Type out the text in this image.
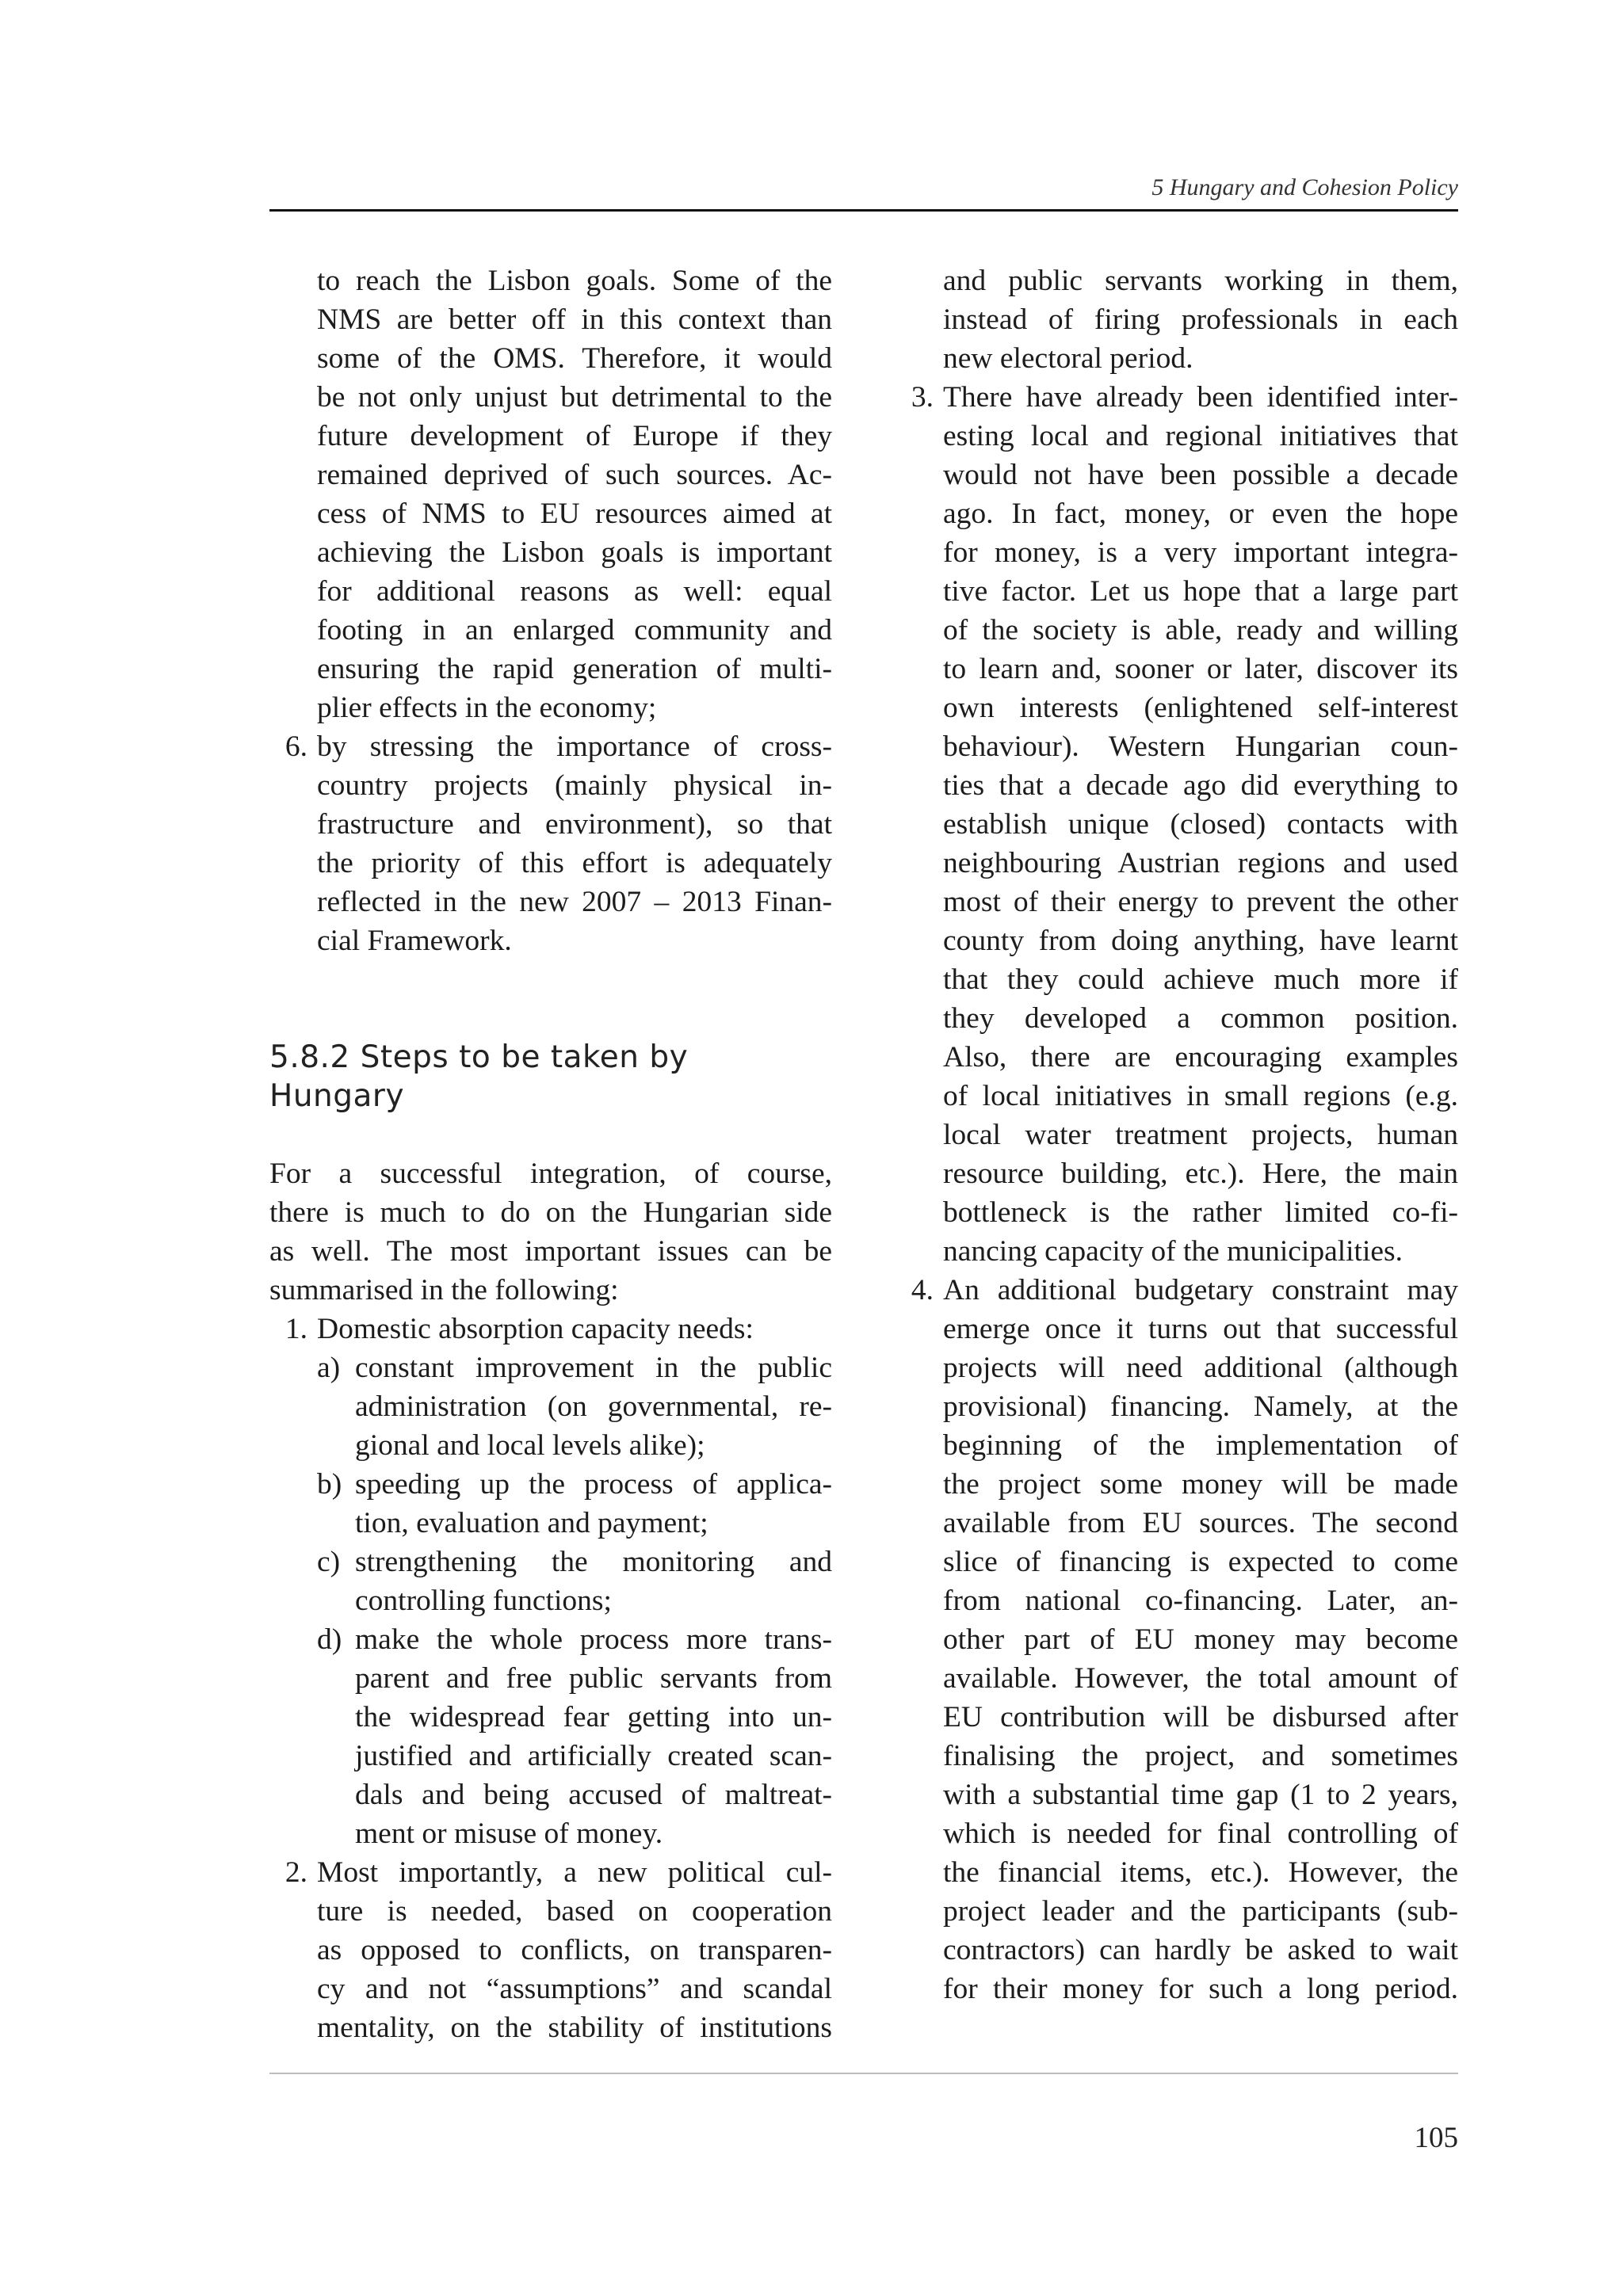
5 Hungary and Cohesion Policy

to reach the Lisbon goals. Some of the

NMS are better off in this context than

some of the OMS. Therefore, it would

be not only unjust but detrimental to the

future development of Europe if they

remained deprived of such sources. Ac-

cess of NMS to EU resources aimed at

achieving the Lisbon goals is important

for additional reasons as well: equal

footing in an enlarged community and

ensuring the rapid generation of multi-

plier effects in the economy;

6. by stressing the importance of cross-

country projects (mainly physical in-

frastructure and environment), so that

the priority of this effort is adequately

reflected in the new 2007 – 2013 Finan-

cial Framework.

5.8.2 Steps to be taken by Hungary

For a successful integration, of course,

there is much to do on the Hungarian side

as well. The most important issues can be

summarised in the following:

1. Domestic absorption capacity needs:

a) constant improvement in the public

administration (on governmental, re-

gional and local levels alike);

b) speeding up the process of applica-

tion, evaluation and payment;

c) strengthening the monitoring and

controlling functions;

d) make the whole process more trans-

parent and free public servants from

the widespread fear getting into un-

justified and artificially created scan-

dals and being accused of maltreat-

ment or misuse of money.

2. Most importantly, a new political cul-

ture is needed, based on cooperation

as opposed to conflicts, on transparen-

cy and not “assumptions” and scandal

mentality, on the stability of institutions

and public servants working in them,

instead of firing professionals in each

new electoral period.

3. There have already been identified inter-

esting local and regional initiatives that

would not have been possible a decade

ago. In fact, money, or even the hope

for money, is a very important integra-

tive factor. Let us hope that a large part

of the society is able, ready and willing

to learn and, sooner or later, discover its

own interests (enlightened self-interest

behaviour). Western Hungarian coun-

ties that a decade ago did everything to

establish unique (closed) contacts with

neighbouring Austrian regions and used

most of their energy to prevent the other

county from doing anything, have learnt

that they could achieve much more if

they developed a common position.

Also, there are encouraging examples

of local initiatives in small regions (e.g.

local water treatment projects, human

resource building, etc.). Here, the main

bottleneck is the rather limited co-fi-

nancing capacity of the municipalities.

4. An additional budgetary constraint may

emerge once it turns out that successful

projects will need additional (although

provisional) financing. Namely, at the

beginning of the implementation of

the project some money will be made

available from EU sources. The second

slice of financing is expected to come

from national co-financing. Later, an-

other part of EU money may become

available. However, the total amount of

EU contribution will be disbursed after

finalising the project, and sometimes

with a substantial time gap (1 to 2 years,

which is needed for final controlling of

the financial items, etc.). However, the

project leader and the participants (sub-

contractors) can hardly be asked to wait

for their money for such a long period.

105
